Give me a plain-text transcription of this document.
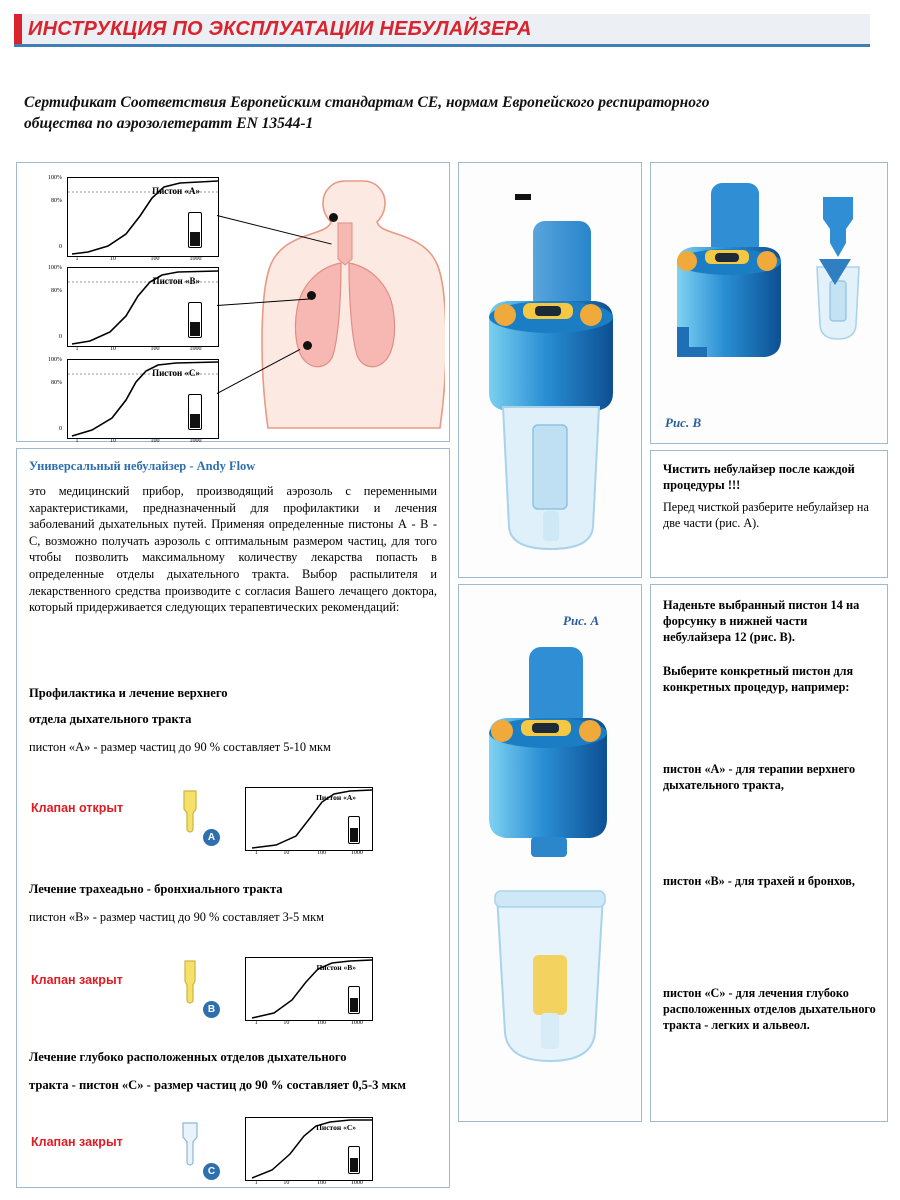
ИНСТРУКЦИЯ ПО ЭКСПЛУАТАЦИИ НЕБУЛАЙЗЕРА
Сертификат Соответствия Европейским стандартам СЕ, нормам Европейского респираторного общества по аэрозолетератт EN 13544-1
100%
80%
0
1	10	100	1000
Пистон «А»
100%
80%
0
1	10	100	1000
Пистон «В»
100%
80%
0
1	10	100	1000
Пистон «С»
Универсальный небулайзер - Andy Flow
это медицинский прибор, производящий аэрозоль с переменными характеристиками, предназначенный для профилактики и лечения заболеваний дыхательных путей. Применяя определенные пистоны А - В - С, возможно получать аэрозоль с оптимальным размером частиц, для того чтобы позволить максимальному количеству лекарства попасть в определенные отделы дыхательного тракта. Выбор распылителя и лекарственного средства производите с согласия Вашего лечащего доктора, который придерживается следующих терапевтических рекомендаций:
Профилактика и лечение верхнего
отдела дыхательного тракта
пистон «А» - размер частиц до 90 % составляет 5-10 мкм
Клапан открыт
A
Пистон «А»
1	10	100	1000
Лечение трахеадьно - бронхиального тракта
пистон «В» - размер частиц до 90 % составляет 3-5 мкм
Клапан закрыт
B
Пистон «В»
1	10	100	1000
Лечение глубоко расположенных отделов дыхательного
тракта - пистон «С» - размер частиц до 90 % составляет 0,5-3 мкм
Клапан закрыт
C
Пистон «С»
1	10	100	1000
Рис. В
Чистить небулайзер после каждой процедуры !!!
Перед чисткой разберите небулайзер на две части (рис. А).
Рис. А
Наденьте выбранный пистон 14 на форсунку в нижней части небулайзера 12 (рис. В).
Выберите конкретный пистон для конкретных процедур, например:
пистон «А» - для терапии верхнего дыхательного тракта,
пистон «В» - для трахей и бронхов,
пистон «С» - для лечения глубоко расположенных отделов дыхательного тракта - легких и альвеол.
